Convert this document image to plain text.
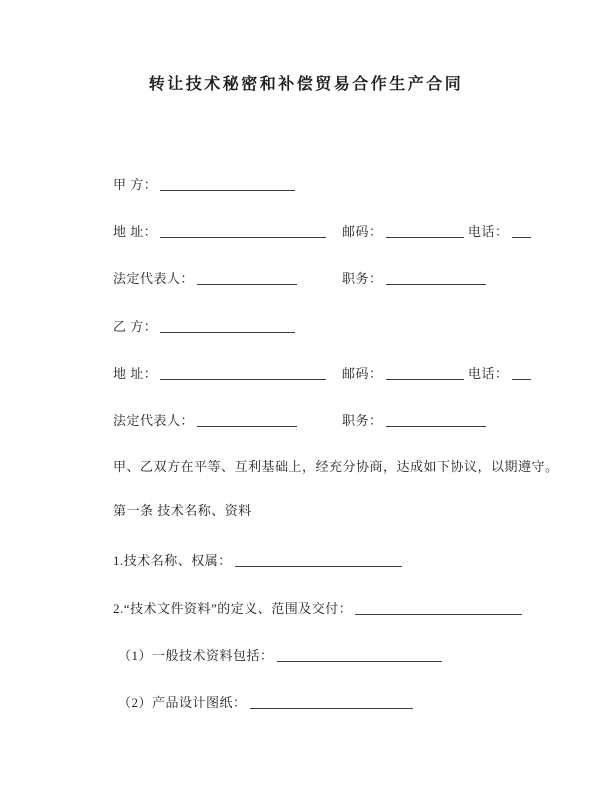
转让技术秘密和补偿贸易合作生产合同
甲 方：
地 址：	邮码：	电话：
法定代表人：	职务：
乙 方：
地 址：	邮码：	电话：
法定代表人：	职务：
甲、乙双方在平等、互利基础上，经充分协商，达成如下协议，以期遵守。
第一条 技术名称、资料
1.技术名称、权属：
2.“技术文件资料”的定义、范围及交付：
（1）一般技术资料包括：
（2）产品设计图纸：
